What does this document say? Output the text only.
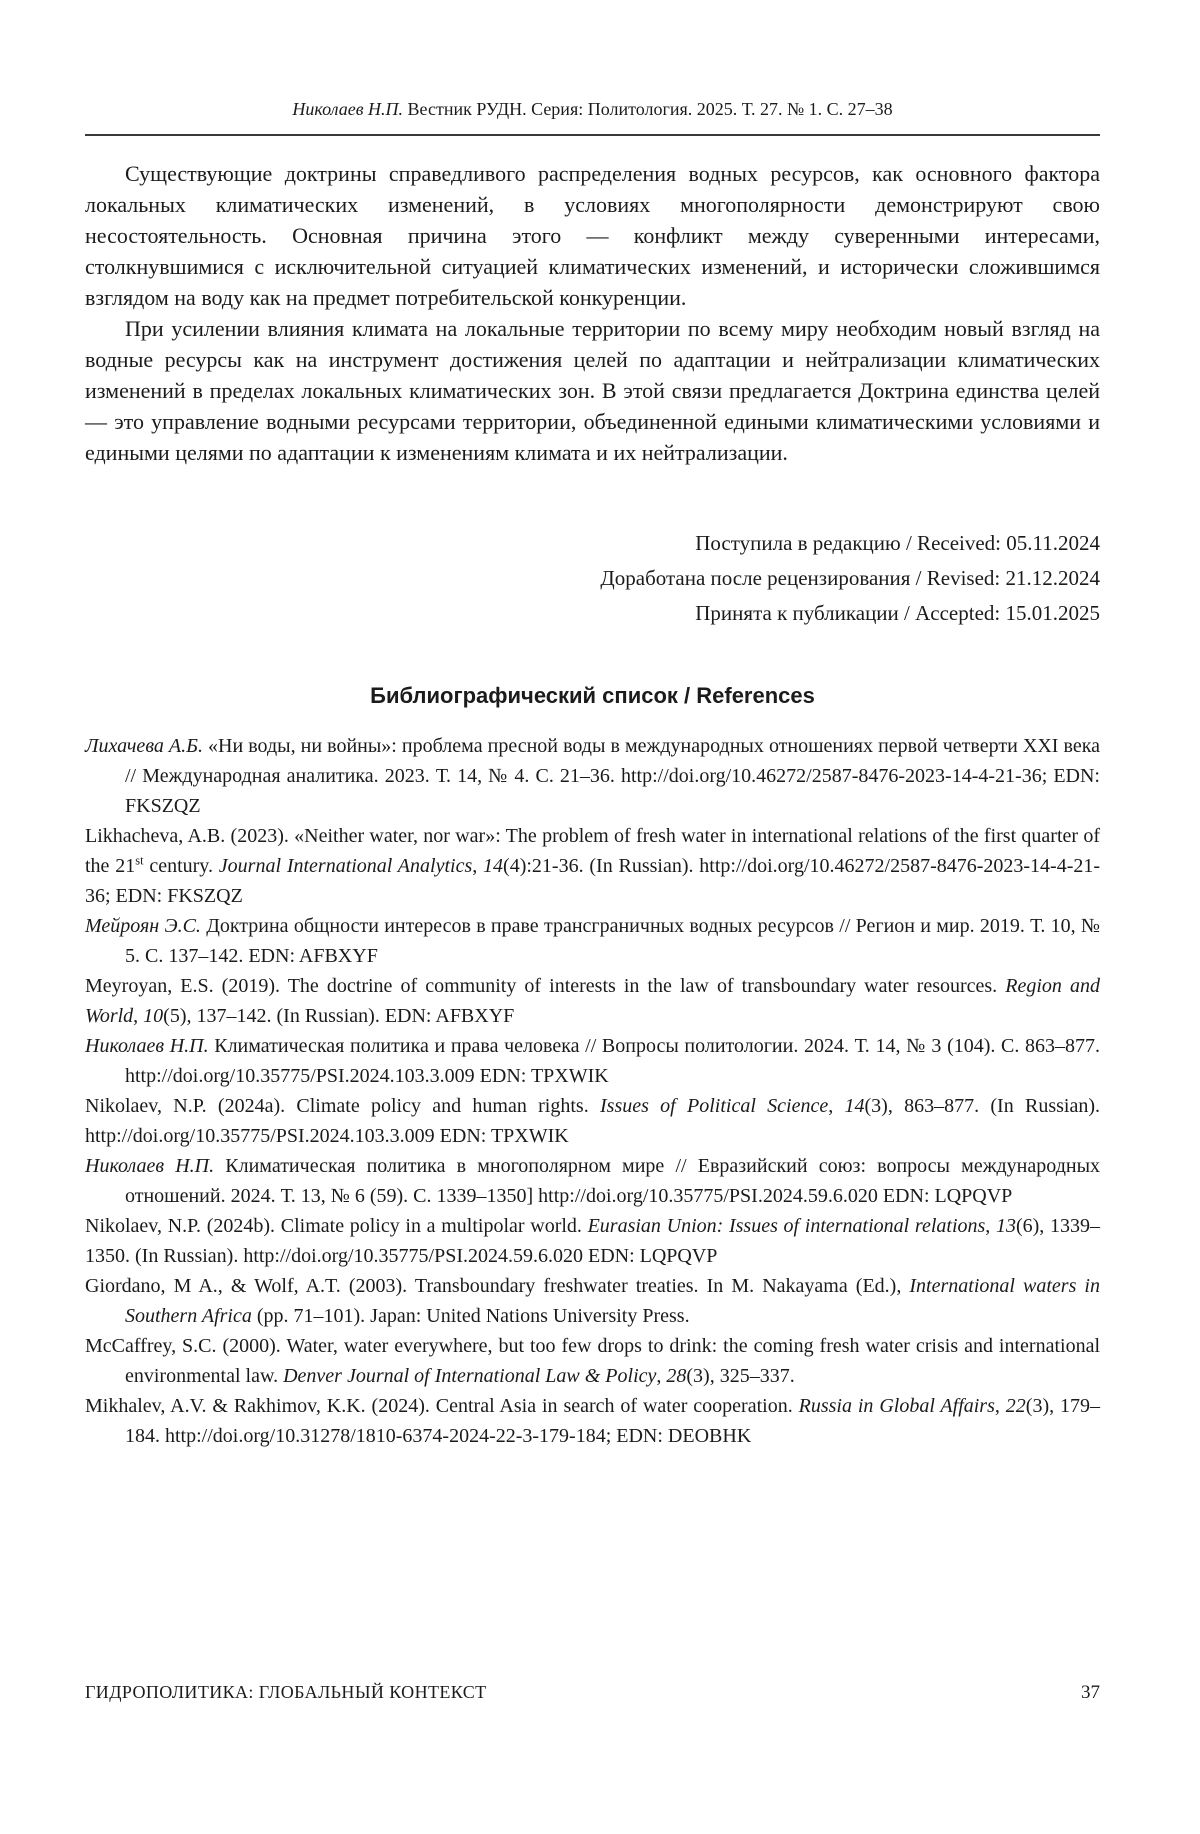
Николаев Н.П. Вестник РУДН. Серия: Политология. 2025. Т. 27. № 1. С. 27–38

Существующие доктрины справедливого распределения водных ресурсов, как основного фактора локальных климатических изменений, в условиях многополярности демонстрируют свою несостоятельность. Основная причина этого — конфликт между суверенными интересами, столкнувшимися с исключительной ситуацией климатических изменений, и исторически сложившимся взглядом на воду как на предмет потребительской конкуренции.

При усилении влияния климата на локальные территории по всему миру необходим новый взгляд на водные ресурсы как на инструмент достижения целей по адаптации и нейтрализации климатических изменений в пределах локальных климатических зон. В этой связи предлагается Доктрина единства целей — это управление водными ресурсами территории, объединенной едиными климатическими условиями и едиными целями по адаптации к изменениям климата и их нейтрализации.

Поступила в редакцию / Received: 05.11.2024
Доработана после рецензирования / Revised: 21.12.2024
Принята к публикации / Accepted: 15.01.2025
Библиографический список / References

Лихачева А.Б. «Ни воды, ни войны»: проблема пресной воды в международных отношениях первой четверти XXI века // Международная аналитика. 2023. Т. 14, № 4. С. 21–36. http://doi.org/10.46272/2587-8476-2023-14-4-21-36; EDN: FKSZQZ

Likhacheva, A.B. (2023). «Neither water, nor war»: The problem of fresh water in international relations of the first quarter of the 21st century. Journal International Analytics, 14(4):21-36. (In Russian). http://doi.org/10.46272/2587-8476-2023-14-4-21-36; EDN: FKSZQZ

Мейроян Э.С. Доктрина общности интересов в праве трансграничных водных ресурсов // Регион и мир. 2019. Т. 10, № 5. С. 137–142. EDN: AFBXYF

Meyroyan, E.S. (2019). The doctrine of community of interests in the law of transboundary water resources. Region and World, 10(5), 137–142. (In Russian). EDN: AFBXYF

Николаев Н.П. Климатическая политика и права человека // Вопросы политологии. 2024. Т. 14, № 3 (104). С. 863–877. http://doi.org/10.35775/PSI.2024.103.3.009 EDN: TPXWIK

Nikolaev, N.P. (2024a). Climate policy and human rights. Issues of Political Science, 14(3), 863–877. (In Russian). http://doi.org/10.35775/PSI.2024.103.3.009 EDN: TPXWIK

Николаев Н.П. Климатическая политика в многополярном мире // Евразийский союз: вопросы международных отношений. 2024. Т. 13, № 6 (59). С. 1339–1350] http://doi.org/10.35775/PSI.2024.59.6.020 EDN: LQPQVP

Nikolaev, N.P. (2024b). Climate policy in a multipolar world. Eurasian Union: Issues of international relations, 13(6), 1339–1350. (In Russian). http://doi.org/10.35775/PSI.2024.59.6.020 EDN: LQPQVP

Giordano, M A., & Wolf, A.T. (2003). Transboundary freshwater treaties. In M. Nakayama (Ed.), International waters in Southern Africa (pp. 71–101). Japan: United Nations University Press.

McCaffrey, S.C. (2000). Water, water everywhere, but too few drops to drink: the coming fresh water crisis and international environmental law. Denver Journal of International Law & Policy, 28(3), 325–337.

Mikhalev, A.V. & Rakhimov, K.K. (2024). Central Asia in search of water cooperation. Russia in Global Affairs, 22(3), 179–184. http://doi.org/10.31278/1810-6374-2024-22-3-179-184; EDN: DEOBHK

ГИДРОПОЛИТИКА: ГЛОБАЛЬНЫЙ КОНТЕКСТ	37
